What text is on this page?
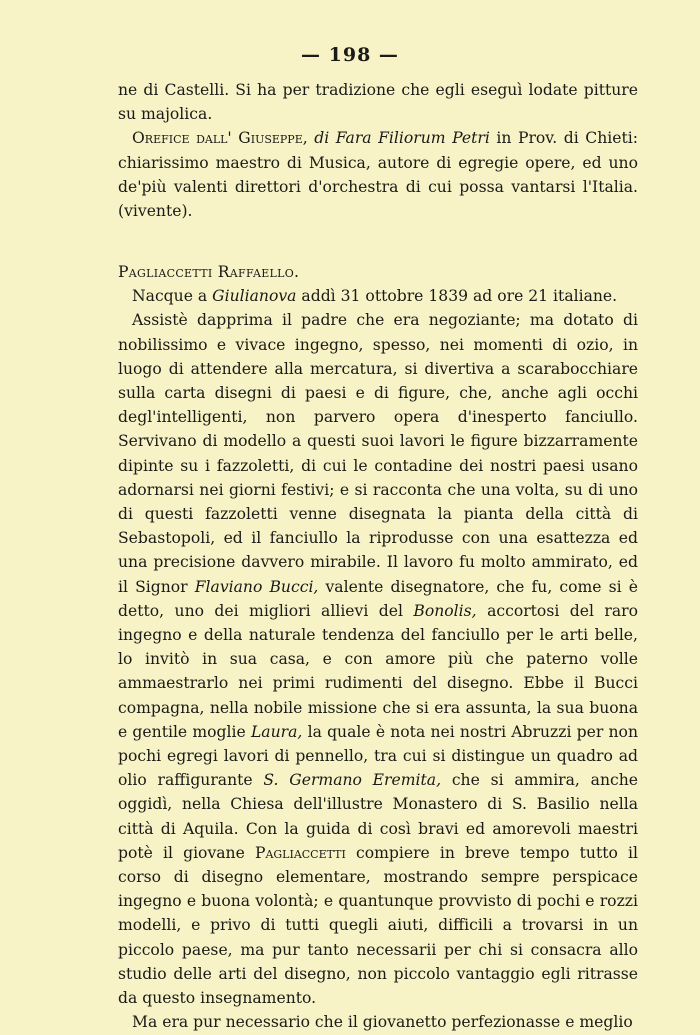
— 198 —

ne di Castelli. Si ha per tradizione che egli eseguì lodate pitture su majolica.

Orefice dall' Giuseppe, di Fara Filiorum Petri in Prov. di Chieti: chiarissimo maestro di Musica, autore di egregie opere, ed uno de'più valenti direttori d'orchestra di cui possa vantarsi l'Italia. (vivente).

Pagliaccetti Raffaello.

Nacque a Giulianova addì 31 ottobre 1839 ad ore 21 italiane.

Assistè dapprima il padre che era negoziante; ma dotato di nobilissimo e vivace ingegno, spesso, nei momenti di ozio, in luogo di attendere alla mercatura, si divertiva a scarabocchiare sulla carta disegni di paesi e di figure, che, anche agli occhi degl'intelligenti, non parvero opera d'inesperto fanciullo. Servivano di modello a questi suoi lavori le figure bizzarramente dipinte su i fazzoletti, di cui le contadine dei nostri paesi usano adornarsi nei giorni festivi; e si racconta che una volta, su di uno di questi fazzoletti venne disegnata la pianta della città di Sebastopoli, ed il fanciullo la riprodusse con una esattezza ed una precisione davvero mirabile. Il lavoro fu molto ammirato, ed il Signor Flaviano Bucci, valente disegnatore, che fu, come si è detto, uno dei migliori allievi del Bonolis, accortosi del raro ingegno e della naturale tendenza del fanciullo per le arti belle, lo invitò in sua casa, e con amore più che paterno volle ammaestrarlo nei primi rudimenti del disegno. Ebbe il Bucci compagna, nella nobile missione che si era assunta, la sua buona e gentile moglie Laura, la quale è nota nei nostri Abruzzi per non pochi egregi lavori di pennello, tra cui si distingue un quadro ad olio raffigurante S. Germano Eremita, che si ammira, anche oggidì, nella Chiesa dell'illustre Monastero di S. Basilio nella città di Aquila. Con la guida di così bravi ed amorevoli maestri potè il giovane Pagliaccetti compiere in breve tempo tutto il corso di disegno elementare, mostrando sempre perspicace ingegno e buona volontà; e quantunque provvisto di pochi e rozzi modelli, e privo di tutti quegli aiuti, difficili a trovarsi in un piccolo paese, ma pur tanto necessarii per chi si consacra allo studio delle arti del disegno, non piccolo vantaggio egli ritrasse da questo insegnamento.

Ma era pur necessario che il giovanetto perfezionasse e meglio
